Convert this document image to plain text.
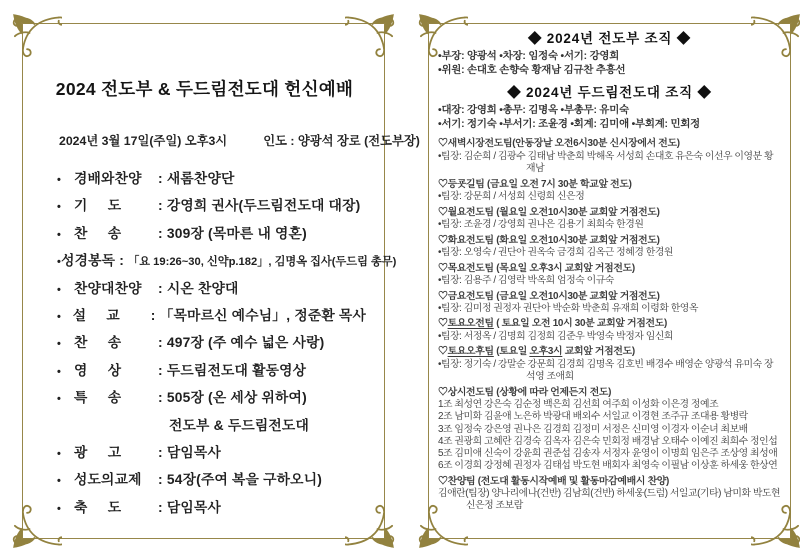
2024 전도부 & 두드림전도대 헌신예배
2024년 3월 17일(주일) 오후3시	인도 : 양광석 장로 (전도부장)
• 경배와찬양 : 새롬찬양단
• 기     도	: 강영희 권사(두드림전도대 대장)
• 찬     송	: 309장 (목마른 내 영혼)
• 성경봉독 : 「요 19:26~30, 신약p.182」, 김명옥 집사(두드림 총무)
• 찬양대찬양 : 시온 찬양대
• 설     교	: 「목마르신 예수님」, 정준환 목사
• 찬     송	: 497장 (주 예수 넓은 사랑)
• 영     상	: 두드림전도대 활동영상
• 특     송	: 505장 (온 세상 위하여)
전도부 & 두드림전도대
• 광     고	: 담임목사
• 성도의교제 : 54장(주여 복을 구하오니)
• 축     도	: 담임목사
◆ 2024년 전도부 조직 ◆
•부장: 양광석 •차장: 임정숙 •서기: 강영희
•위원: 손대호 손향숙 황재남 김규찬 추흥선
◆ 2024년 두드림전도대 조직 ◆
•대장: 강영희 •총무: 김명옥 •부총무: 유미숙
•서기: 정기숙 •부서기: 조윤경 •회계: 김미애 •부회계: 민회정
♡새벽시장전도팀(안동장날 오전6시30분 신시장에서 전도)
•팀장: 김순희 / 김광수 김태남 박춘희 박해옥 서성희 손대호 유은숙 이선우 이영분 황재남
♡등굣길팀 (금요일 오전 7시 30분 학교앞 전도)
•팀장: 강문희 / 서성희 신령희 신은정
♡월요전도팀 (월요일 오전10시30분 교회앞 거점전도)
•팀장: 조윤경 / 강영희 권나은 김용기 최희숙 한경원
♡화요전도팀 (화요일 오전10시30분 교회앞 거점전도)
•팀장: 오영숙 / 권단아 권옥숙 금경희 김옥근 정혜경 한경원
♡목요전도팀 (목요일 오후3시 교회앞 거점전도)
•팀장: 김용주 / 김영락 박옥희 엄정숙 이규숙
♡금요전도팀 (금요일 오전10시30분 교회앞 거점전도)
•팀장: 김미정 권정자 권단아 박순화 박춘희 유재희 이령화 한영옥
♡토요오전팀 ( 토요일 오전 10시 30분 교회앞 거점전도)
•팀장: 서정옥 / 김명희 김정희 김준우 박영숙 박정자 임신희
♡토요오후팀 (토요일 오후3시 교회앞 거점전도)
•팀장: 정기숙 / 강말순 강문희 김경희 김명옥 김호빈 배경수 배영순 양광석 유미숙 장석영 조애희
♡상시전도팀 (상황에 따라 언제든지 전도)
1조 최성연 강은숙 김순정 백은희 김선희 여주희 이성화 이은경 정예조
2조 남미화 김윤애 노은하 박광대 배외수 서일교 이경현 조주규 조대용 황병락
3조 임정숙 강은영 권나은 김경희 김정미 서정은 신미영 이경자 이순녀 최보배
4조 권광희 고혜란 김경숙 김옥자 김은숙 민회정 배경남 오태수 이예진 최희수 정인섭
5조 김미애 신숙이 강윤희 권준섭 김송자 서정자 윤영이 이명희 임은주 조상영 최성애
6조 이경희 강정혜 권정자 김태섭 박도현 배회자 최영숙 이필남 이상훈 하세웅 한상연
♡찬양팀 (전도대 활동시작예배 및 활동마감예배시 찬양)
김애란(팀장) 양나리에나(건반) 김남희(건반) 하세웅(드럼) 서일교(기타) 남미화 박도현 신은정 조보람
